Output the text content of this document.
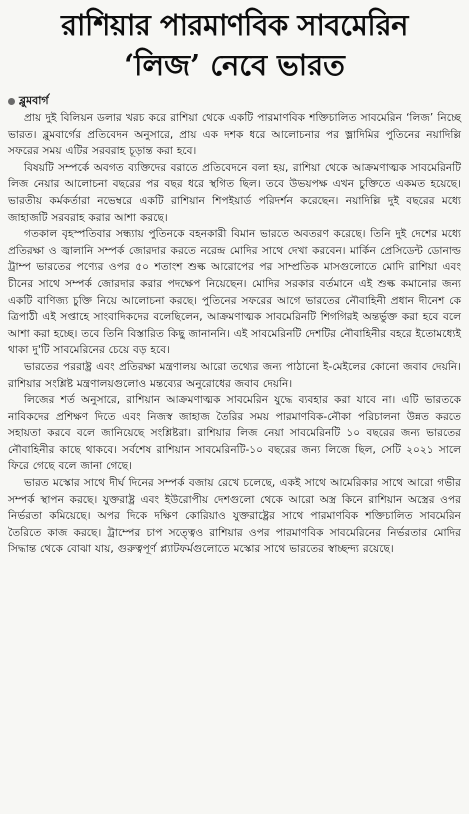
রাশিয়ার পারমাণবিক সাবমেরিন
‘লিজ’ নেবে ভারত
ব্লুমবার্গ

প্রায় দুই বিলিয়ন ডলার খরচ করে রাশিয়া থেকে একটি পারমাণবিক শক্তিচালিত সাবমেরিন ‘লিজ’ নিচ্ছে ভারত। ব্লুমবার্গের প্রতিবেদন অনুসারে, প্রায় এক দশক ধরে আলোচনার পর ভ্লাদিমির পুতিনের নয়াদিল্লি সফরের সময় এটির সরবরাহ চূড়ান্ত করা হবে।

বিষয়টি সম্পর্কে অবগত ব্যক্তিদের বরাতে প্রতিবেদনে বলা হয়, রাশিয়া থেকে আক্রমণাত্মক সাবমেরিনটি লিজ নেয়ার আলোচনা বছরের পর বছর ধরে স্থগিত ছিল। তবে উভয়পক্ষ এখন চুক্তিতে একমত হয়েছে। ভারতীয় কর্মকর্তারা নভেম্বরে একটি রাশিয়ান শিপইয়ার্ড পরিদর্শন করেছেন। নয়াদিল্লি দুই বছরের মধ্যে জাহাজটি সরবরাহ করার আশা করছে।

গতকাল বৃহস্পতিবার সন্ধ্যায় পুতিনকে বহনকারী বিমান ভারতে অবতরণ করেছে। তিনি দুই দেশের মধ্যে প্রতিরক্ষা ও জ্বালানি সম্পর্ক জোরদার করতে নরেন্দ্র মোদির সাথে দেখা করবেন। মার্কিন প্রেসিডেন্ট ডোনাল্ড ট্রাম্প ভারতের পণ্যের ওপর ৫০ শতাংশ শুল্ক আরোপের পর সাম্প্রতিক মাসগুলোতে মোদি রাশিয়া এবং চীনের সাথে সম্পর্ক জোরদার করার পদক্ষেপ নিয়েছেন। মোদির সরকার বর্তমানে এই শুল্ক কমানোর জন্য একটি বাণিজ্য চুক্তি নিয়ে আলোচনা করছে। পুতিনের সফরের আগে ভারতের নৌবাহিনী প্রধান দীনেশ কে ত্রিপাঠী এই সপ্তাহে সাংবাদিকদের বলেছিলেন, আক্রমণাত্মক সাবমেরিনটি শিগগিরই অন্তর্ভুক্ত করা হবে বলে আশা করা হচ্ছে। তবে তিনি বিস্তারিত কিছু জানাননি। এই সাবমেরিনটি দেশটির নৌবাহিনীর বহরে ইতোমধ্যেই থাকা দু'টি সাবমেরিনের চেয়ে বড় হবে।

ভারতের পররাষ্ট্র এবং প্রতিরক্ষা মন্ত্রণালয় আরো তথ্যের জন্য পাঠানো ই-মেইলের কোনো জবাব দেয়নি। রাশিয়ার সংশ্লিষ্ট মন্ত্রণালয়গুলোও মন্তব্যের অনুরোধের জবাব দেয়নি।

লিজের শর্ত অনুসারে, রাশিয়ান আক্রমণাত্মক সাবমেরিন যুদ্ধে ব্যবহার করা যাবে না। এটি ভারতকে নাবিকদের প্রশিক্ষণ দিতে এবং নিজস্ব জাহাজ তৈরির সময় পারমাণবিক-নৌকা পরিচালনা উন্নত করতে সহায়তা করবে বলে জানিয়েছে সংশ্লিষ্টরা। রাশিয়ার লিজ নেয়া সাবমেরিনটি ১০ বছরের জন্য ভারতের নৌবাহিনীর কাছে থাকবে। সর্বশেষ রাশিয়ান সাবমেরিনটি-১০ বছরের জন্য লিজে ছিল, সেটি ২০২১ সালে ফিরে গেছে বলে জানা গেছে।

ভারত মস্কোর সাথে দীর্ঘ দিনের সম্পর্ক বজায় রেখে চলেছে, একই সাথে আমেরিকার সাথে আরো গভীর সম্পর্ক স্থাপন করছে। যুক্তরাষ্ট্র এবং ইউরোপীয় দেশগুলো থেকে আরো অস্ত্র কিনে রাশিয়ান অস্ত্রের ওপর নির্ভরতা কমিয়েছে। অপর দিকে দক্ষিণ কোরিয়াও যুক্তরাষ্ট্রের সাথে পারমাণবিক শক্তিচালিত সাবমেরিন তৈরিতে কাজ করছে। ট্রাম্পের চাপ সত্ত্বেও রাশিয়ার ওপর পারমাণবিক সাবমেরিনের নির্ভরতার মোদির সিদ্ধান্ত থেকে বোঝা যায়, গুরুত্বপূর্ণ প্ল্যাটফর্মগুলোতে মস্কোর সাথে ভারতের স্বাচ্ছন্দ্য রয়েছে।
